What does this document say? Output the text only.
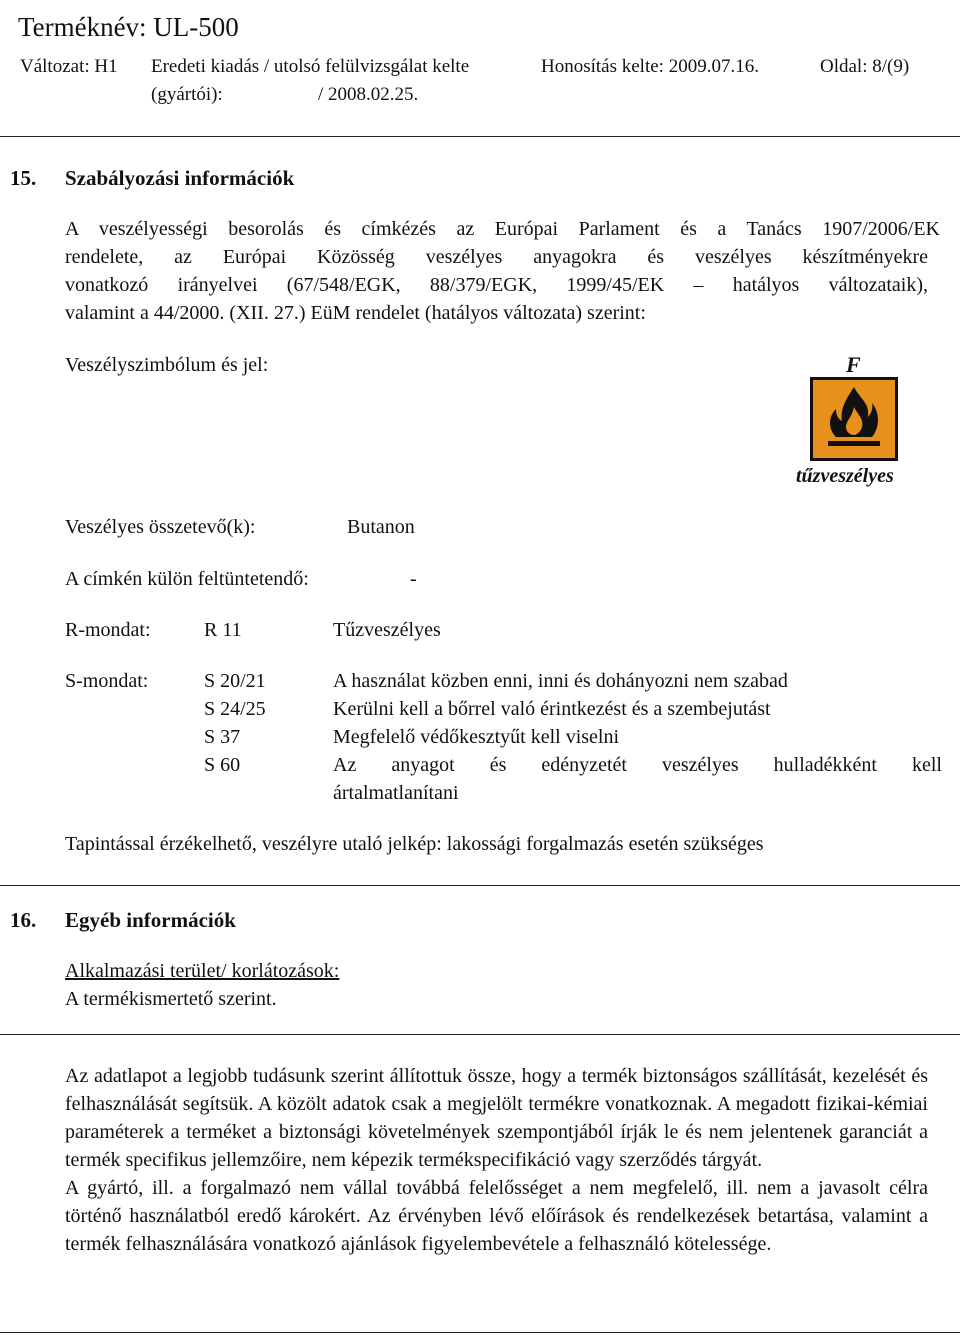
Terméknév: UL-500
Változat: H1 Eredeti kiadás / utolsó felülvizsgálat kelte
(gyártói):	/ 2008.02.25.
Honosítás kelte: 2009.07.16.	Oldal: 8/(9)
15. Szabályozási információk
A veszélyességi besorolás és címkézés az Európai Parlament és a Tanács 1907/2006/EK
rendelete, az Európai Közösség veszélyes anyagokra és veszélyes készítményekre
vonatkozó irányelvei (67/548/EGK, 88/379/EGK, 1999/45/EK – hatályos változataik),
valamint a 44/2000. (XII. 27.) EüM rendelet (hatályos változata) szerint:
Veszélyszimbólum és jel:	F
tűzveszélyes
Veszélyes összetevő(k):	Butanon
A címkén külön feltüntetendő:	-
R-mondat:	R 11	Tűzveszélyes
S-mondat:	S 20/21	A használat közben enni, inni és dohányozni nem szabad
S 24/25	Kerülni kell a bőrrel való érintkezést és a szembejutást
S 37	Megfelelő védőkesztyűt kell viselni
S 60	Az anyagot és edényzetét veszélyes hulladékként kell
ártalmatlanítani
Tapintással érzékelhető, veszélyre utaló jelkép: lakossági forgalmazás esetén szükséges
16. Egyéb információk
Alkalmazási terület/ korlátozások:
A termékismertető szerint.

Az adatlapot a legjobb tudásunk szerint állítottuk össze, hogy a termék biztonságos szállítását, kezelését és felhasználását segítsük. A közölt adatok csak a megjelölt termékre vonatkoznak. A megadott fizikai-kémiai paraméterek a terméket a biztonsági követelmények szempontjából írják le és nem jelentenek garanciát a termék specifikus jellemzőire, nem képezik termékspecifikáció vagy szerződés tárgyát.

A gyártó, ill. a forgalmazó nem vállal továbbá felelősséget a nem megfelelő, ill. nem a javasolt célra történő használatból eredő károkért. Az érvényben lévő előírások és rendelkezések betartása, valamint a termék felhasználására vonatkozó ajánlások figyelembevétele a felhasználó kötelessége.
